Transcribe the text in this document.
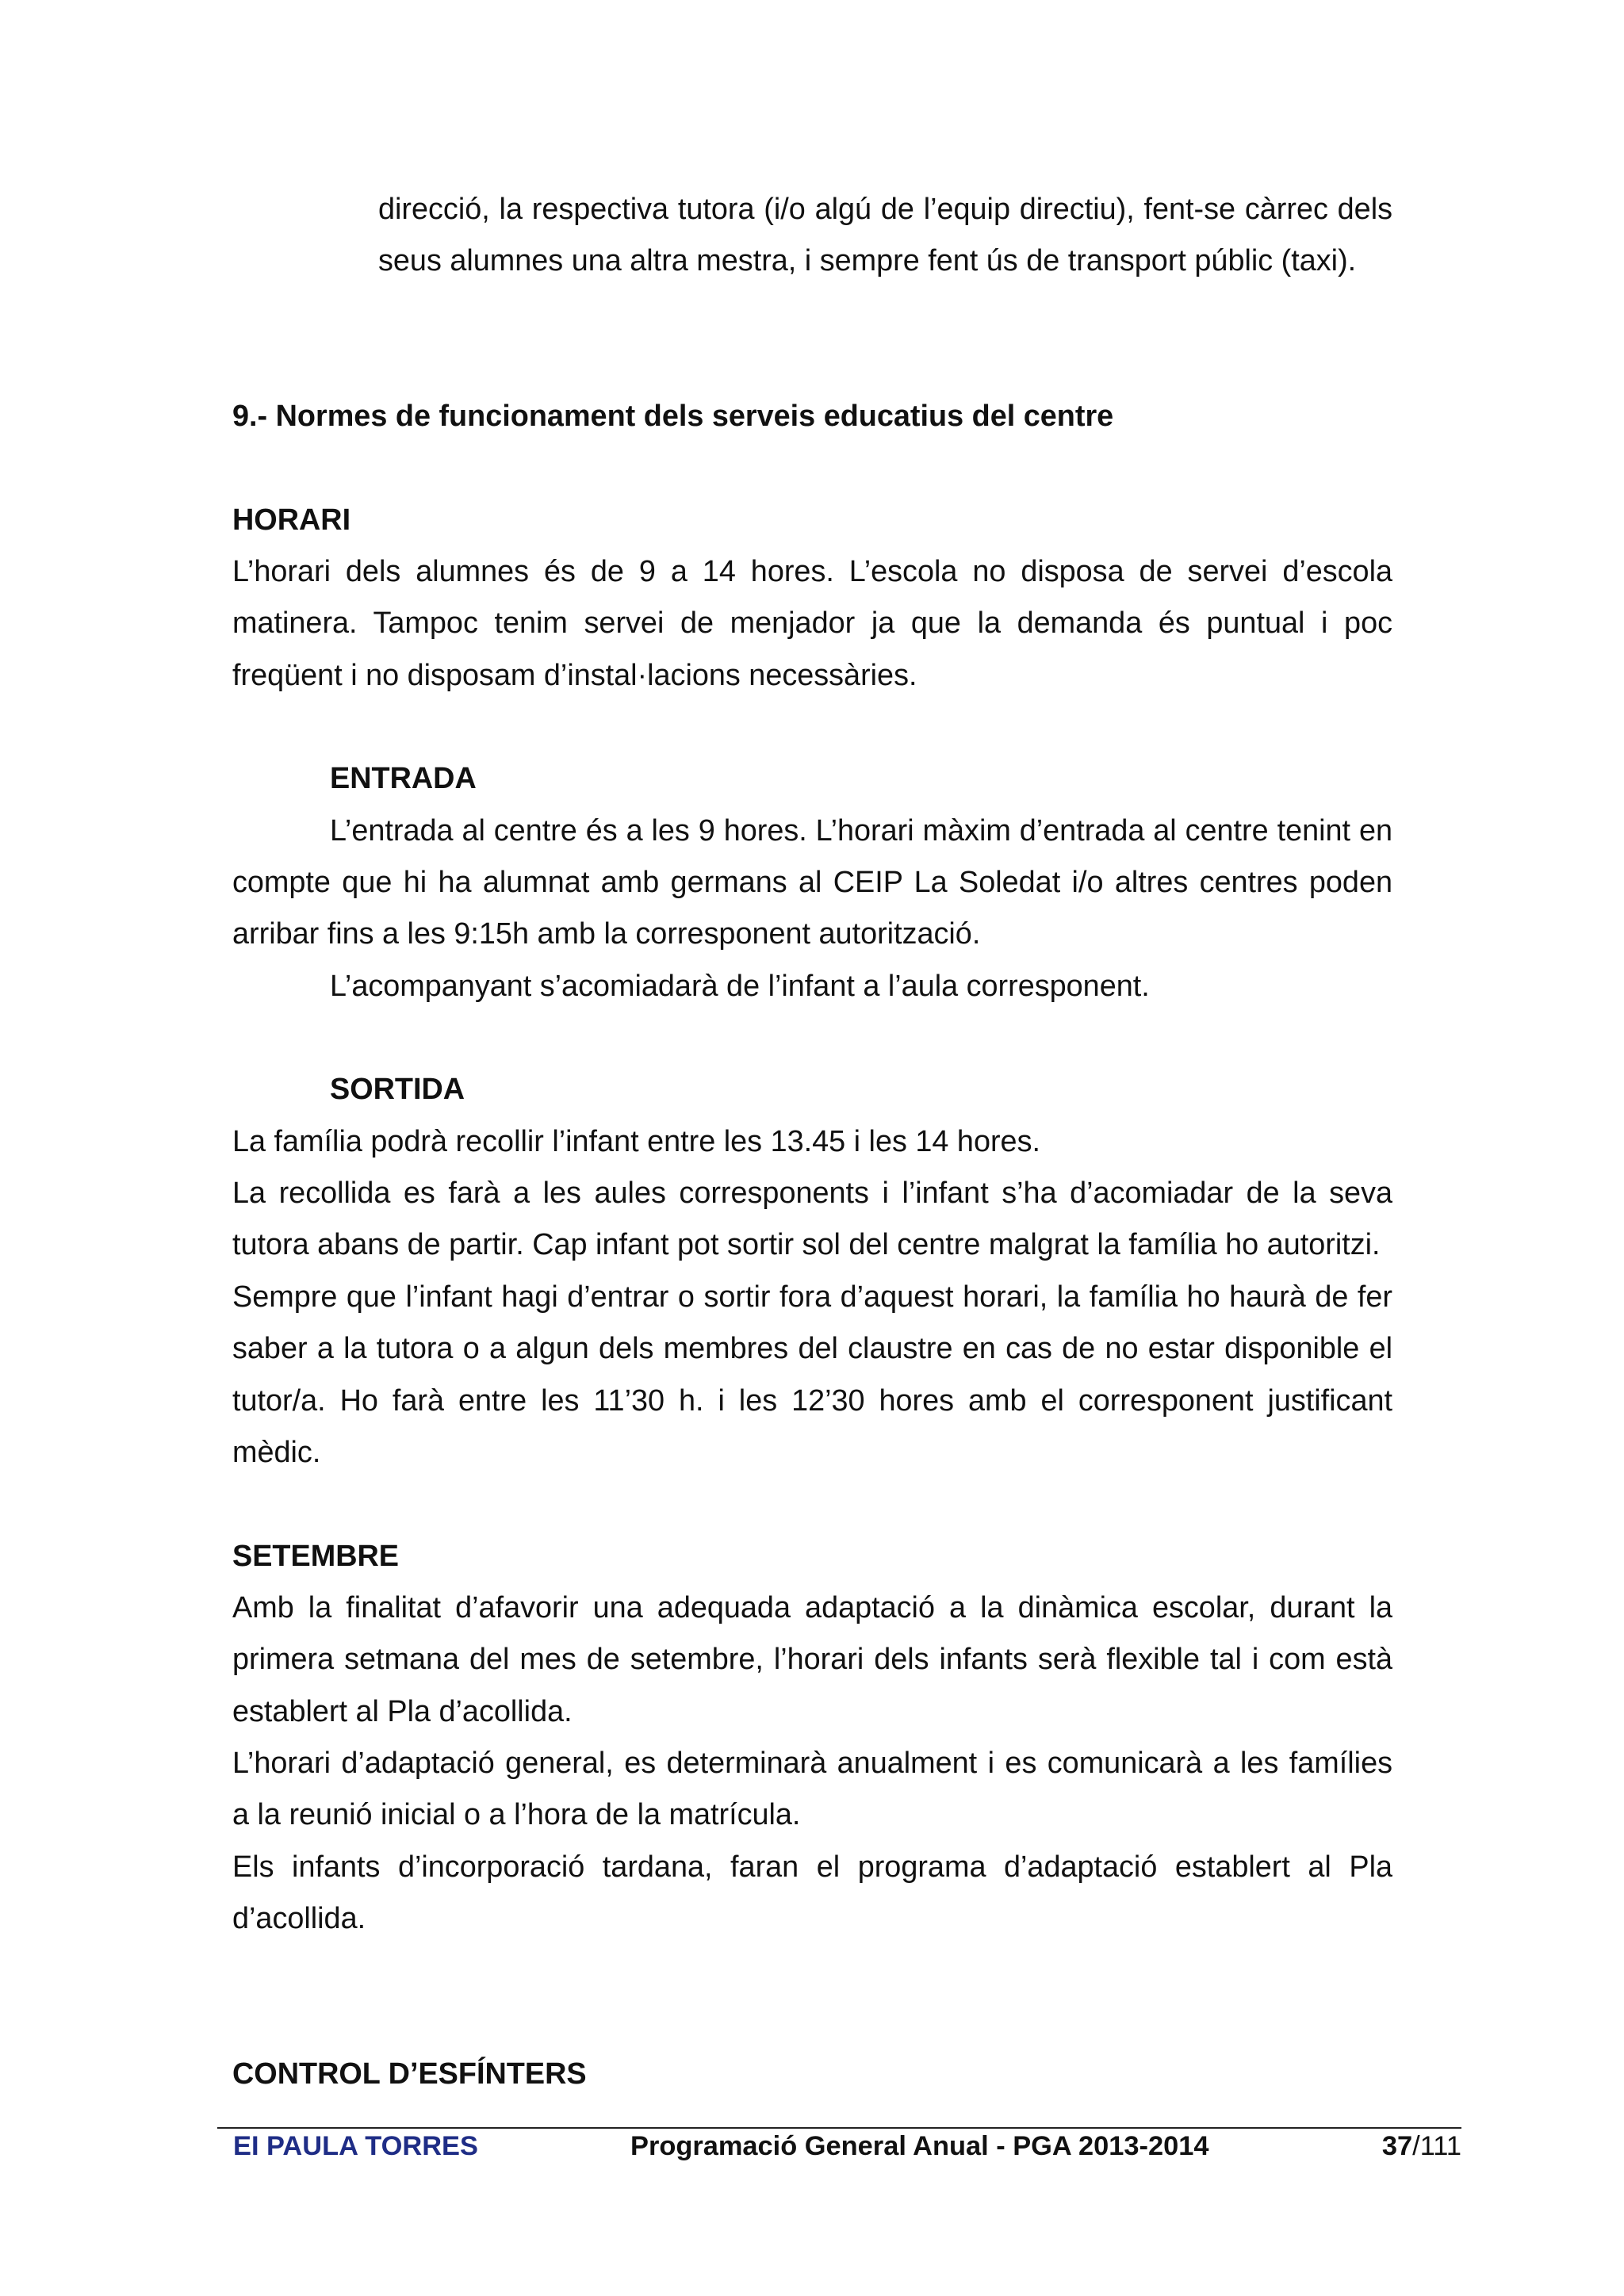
direcció, la respectiva tutora (i/o algú de l’equip directiu), fent-se càrrec dels
seus alumnes una altra mestra, i sempre fent ús de transport públic (taxi).
9.- Normes de funcionament dels serveis educatius del centre
HORARI
L’horari dels alumnes és de 9 a 14 hores. L’escola no disposa de servei d’escola
matinera. Tampoc tenim servei de menjador ja que la demanda és puntual i poc
freqüent i no disposam d’instal·lacions necessàries.
ENTRADA
L’entrada al centre és a les 9 hores. L’horari màxim d’entrada al centre tenint en
compte que hi ha alumnat amb germans al CEIP La Soledat i/o altres centres poden
arribar fins a les 9:15h amb la corresponent autorització.
L’acompanyant s’acomiadarà de l’infant a l’aula corresponent.
SORTIDA
La família podrà recollir l’infant entre les 13.45 i les 14 hores.
La recollida es farà a les aules corresponents i l’infant s’ha d’acomiadar de la seva
tutora abans de partir. Cap infant pot sortir sol del centre malgrat la família ho autoritzi.
Sempre que l’infant hagi d’entrar o sortir fora d’aquest horari, la família ho haurà de fer
saber a la tutora o a algun dels membres del claustre en cas de no estar disponible el
tutor/a. Ho farà entre les 11’30 h. i les 12’30 hores amb el corresponent justificant
mèdic.
SETEMBRE
Amb la finalitat d’afavorir una adequada adaptació a la dinàmica escolar, durant la
primera setmana del mes de setembre, l’horari dels infants serà flexible tal i com està
establert al Pla d’acollida.
L’horari d’adaptació general, es determinarà anualment i es comunicarà a les famílies
a la reunió inicial o a l’hora de la matrícula.
Els infants d’incorporació tardana, faran el programa d’adaptació establert al Pla
d’acollida.
CONTROL D’ESFÍNTERS
EI PAULA TORRES	Programació General Anual - PGA 2013-2014	37/111
